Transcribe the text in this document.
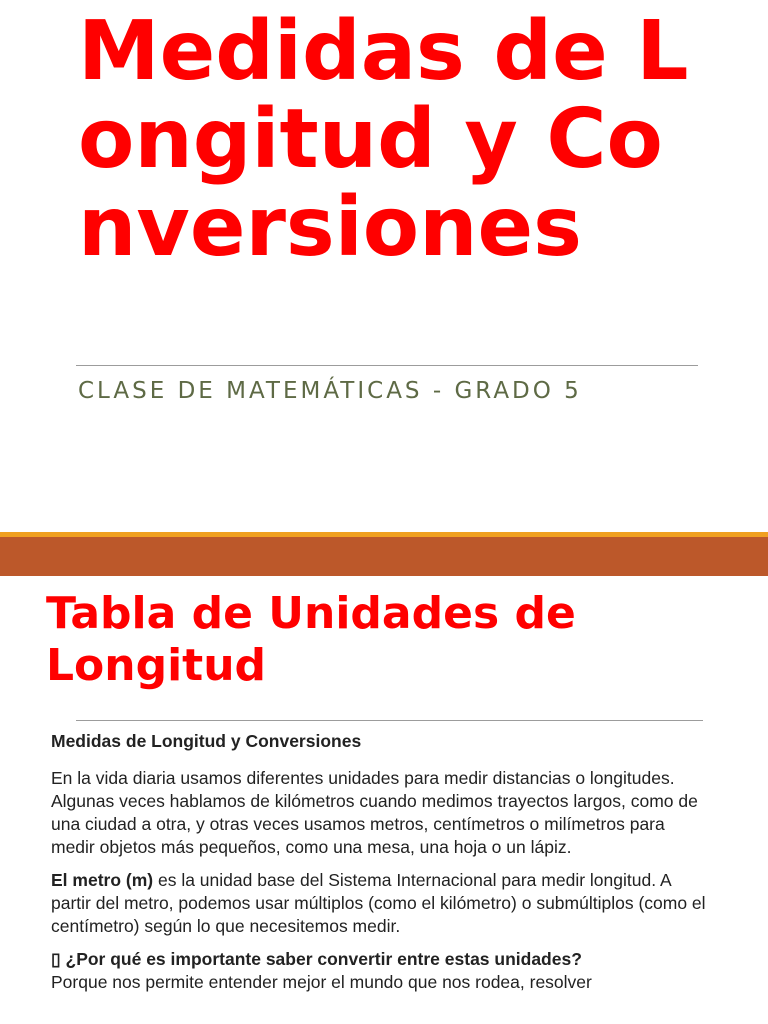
Medidas de Longitud y Conversiones

CLASE DE MATEMÁTICAS - GRADO 5

Tabla de Unidades de Longitud

Medidas de Longitud y Conversiones

En la vida diaria usamos diferentes unidades para medir distancias o longitudes. Algunas veces hablamos de kilómetros cuando medimos trayectos largos, como de una ciudad a otra, y otras veces usamos metros, centímetros o milímetros para medir objetos más pequeños, como una mesa, una hoja o un lápiz.

El metro (m) es la unidad base del Sistema Internacional para medir longitud. A partir del metro, podemos usar múltiplos (como el kilómetro) o submúltiplos (como el centímetro) según lo que necesitemos medir.

▯ ¿Por qué es importante saber convertir entre estas unidades?

Porque nos permite entender mejor el mundo que nos rodea, resolver
